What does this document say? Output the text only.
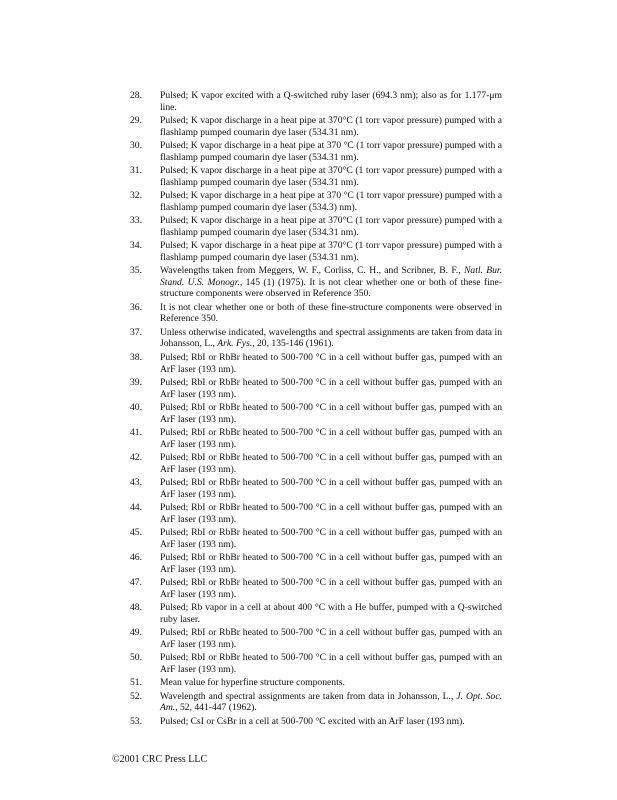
28. Pulsed; K vapor excited with a Q-switched ruby laser (694.3 nm); also as for 1.177-μm line.
29. Pulsed; K vapor discharge in a heat pipe at 370°C (1 torr vapor pressure) pumped with a flashlamp pumped coumarin dye laser (534.31 nm).
30. Pulsed; K vapor discharge in a heat pipe at 370 °C (1 torr vapor pressure) pumped with a flashlamp pumped coumarin dye laser (534.31 nm).
31. Pulsed; K vapor discharge in a heat pipe at 370°C (1 torr vapor pressure) pumped with a flashlamp pumped coumarin dye laser (534.31 nm).
32. Pulsed; K vapor discharge in a heat pipe at 370 °C (1 torr vapor pressure) pumped with a flashlamp pumped coumarin dye laser (534.3) nm).
33. Pulsed; K vapor discharge in a heat pipe at 370°C (1 torr vapor pressure) pumped with a flashlamp pumped coumarin dye laser (534.31 nm).
34. Pulsed; K vapor discharge in a heat pipe at 370°C (1 torr vapor pressure) pumped with a flashlamp pumped coumarin dye laser (534.31 nm).
35. Wavelengths taken from Meggers, W. F., Corliss, C. H., and Scribner, B. F., Natl. Bur. Stand. U.S. Monogr., 145 (1) (1975). It is not clear whether one or both of these fine-structure components were observed in Reference 350.
36. It is not clear whether one or both of these fine-structure components were observed in Reference 350.
37. Unless otherwise indicated, wavelengths and spectral assignments are taken from data in Johansson, L., Ark. Fys., 20, 135-146 (1961).
38. Pulsed; RbI or RbBr heated to 500-700 °C in a cell without buffer gas, pumped with an ArF laser (193 nm).
39. Pulsed; RbI or RbBr heated to 500-700 °C in a cell without buffer gas, pumped with an ArF laser (193 nm).
40. Pulsed; RbI or RbBr heated to 500-700 °C in a cell without buffer gas, pumped with an ArF laser (193 nm).
41. Pulsed; RbI or RbBr heated to 500-700 °C in a cell without buffer gas, pumped with an ArF laser (193 nm).
42. Pulsed; RbI or RbBr heated to 500-700 °C in a cell without buffer gas, pumped with an ArF laser (193 nm).
43. Pulsed; RbI or RbBr heated to 500-700 °C in a cell without buffer gas, pumped with an ArF laser (193 nm).
44. Pulsed; RbI or RbBr heated to 500-700 °C in a cell without buffer gas, pumped with an ArF laser (193 nm).
45. Pulsed; RbI or RbBr heated to 500-700 °C in a cell without buffer gas, pumped with an ArF laser (193 nm).
46. Pulsed; RbI or RbBr heated to 500-700 °C in a cell without buffer gas, pumped with an ArF laser (193 nm).
47. Pulsed; RbI or RbBr heated to 500-700 °C in a cell without buffer gas, pumped with an ArF laser (193 nm).
48. Pulsed; Rb vapor in a cell at about 400 °C with a He buffer, pumped with a Q-switched ruby laser.
49. Pulsed; RbI or RbBr heated to 500-700 °C in a cell without buffer gas, pumped with an ArF laser (193 nm).
50. Pulsed; RbI or RbBr heated to 500-700 °C in a cell without buffer gas, pumped with an ArF laser (193 nm).
51. Mean value for hyperfine structure components.
52. Wavelength and spectral assignments are taken from data in Johansson, L., J. Opt. Soc. Am., 52, 441-447 (1962).
53. Pulsed; CsI or CsBr in a cell at 500-700 °C excited with an ArF laser (193 nm).
©2001 CRC Press LLC
